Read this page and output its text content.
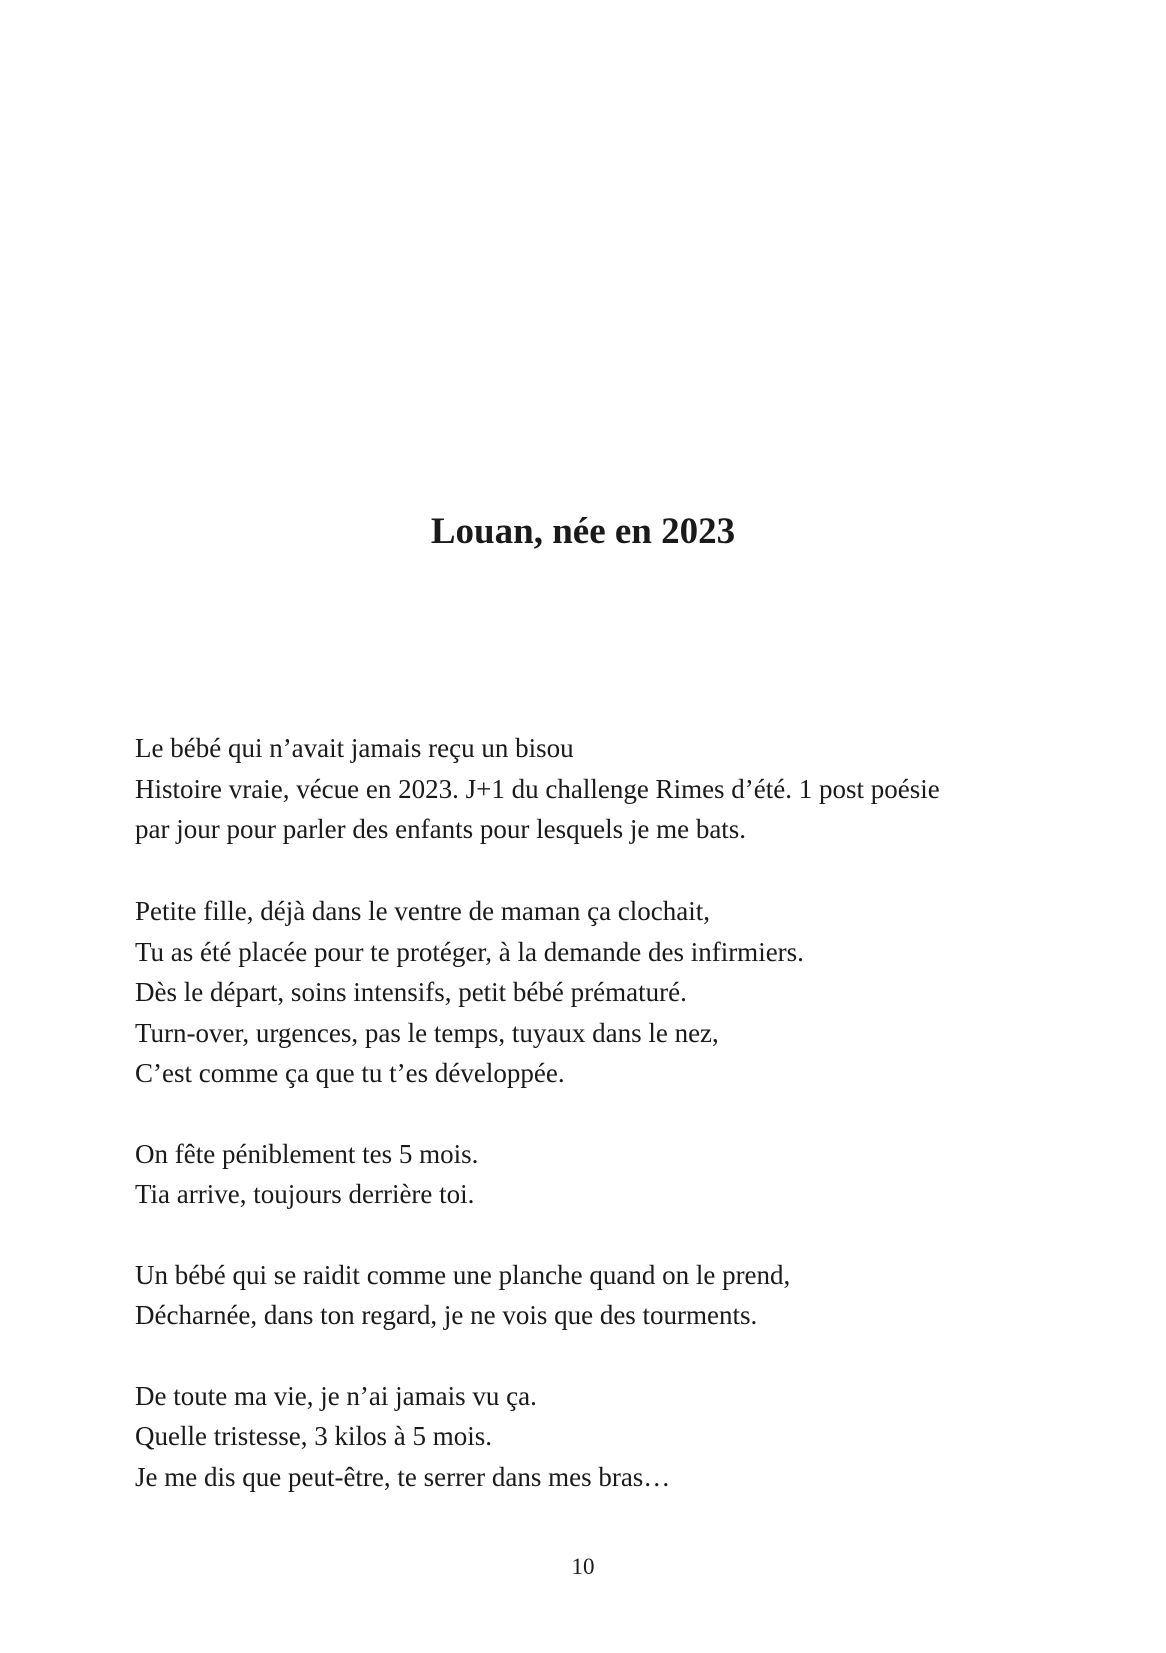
Louan, née en 2023
Le bébé qui n’avait jamais reçu un bisou
Histoire vraie, vécue en 2023. J+1 du challenge Rimes d’été. 1 post poésie
par jour pour parler des enfants pour lesquels je me bats.
Petite fille, déjà dans le ventre de maman ça clochait,
Tu as été placée pour te protéger, à la demande des infirmiers.
Dès le départ, soins intensifs, petit bébé prématuré.
Turn-over, urgences, pas le temps, tuyaux dans le nez,
C’est comme ça que tu t’es développée.
On fête péniblement tes 5 mois.
Tia arrive, toujours derrière toi.
Un bébé qui se raidit comme une planche quand on le prend,
Décharnée, dans ton regard, je ne vois que des tourments.
De toute ma vie, je n’ai jamais vu ça.
Quelle tristesse, 3 kilos à 5 mois.
Je me dis que peut-être, te serrer dans mes bras…
10
